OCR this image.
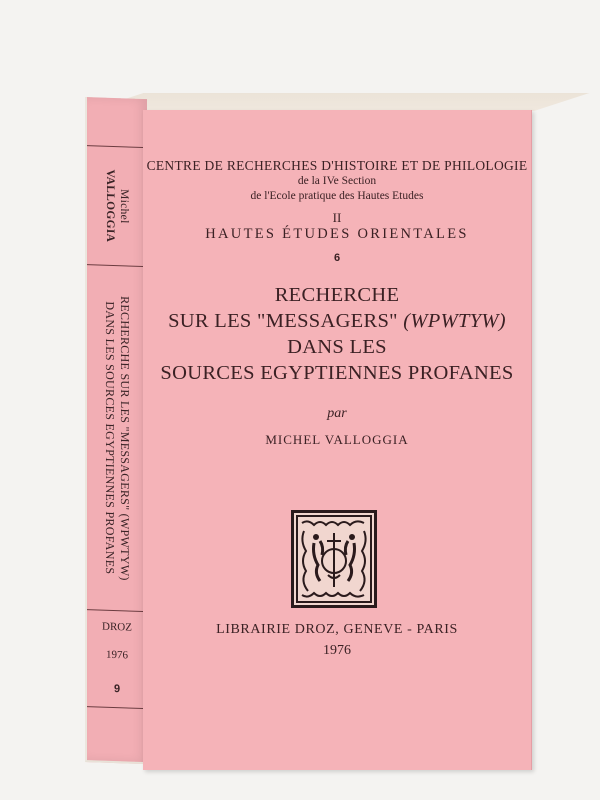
Michel
VALLOGGIA
RECHERCHE SUR LES "MESSAGERS" (WPWTYW)
DANS LES SOURCES EGYPTIENNES PROFANES
DROZ
1976
9
CENTRE DE RECHERCHES D'HISTOIRE ET DE PHILOLOGIE
de la IVe Section
de l'Ecole pratique des Hautes Etudes
II
HAUTES ÉTUDES ORIENTALES
6
RECHERCHE
SUR LES "MESSAGERS" (WPWTYW)
DANS LES
SOURCES EGYPTIENNES PROFANES
par
MICHEL VALLOGGIA
LIBRAIRIE DROZ, GENEVE - PARIS
1976
